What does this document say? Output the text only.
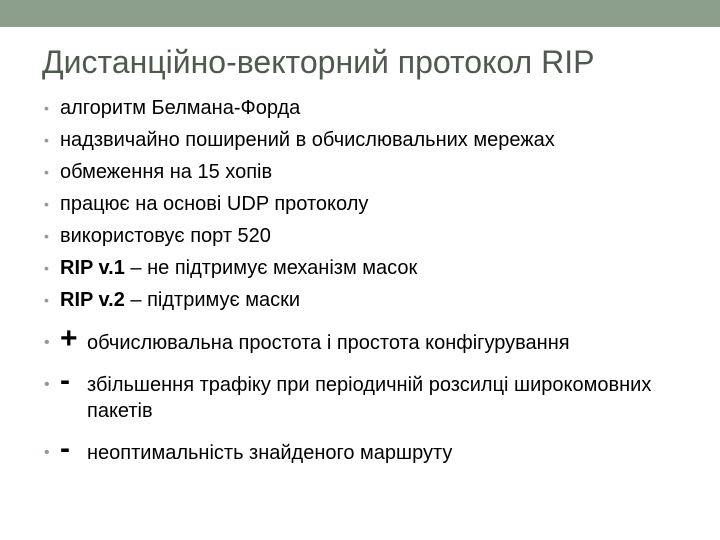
Дистанційно-векторний протокол RIP
• алгоритм Белмана-Форда
• надзвичайно поширений в обчислювальних мережах
• обмеження на 15 хопів
• працює на основі UDP протоколу
• використовує порт 520
• RIP v.1 – не підтримує механізм масок
• RIP v.2 – підтримує маски
• + обчислювальна простота і простота конфігурування
• - збільшення трафіку при періодичній розсилці широкомовних пакетів
• - неоптимальність знайденого маршруту
